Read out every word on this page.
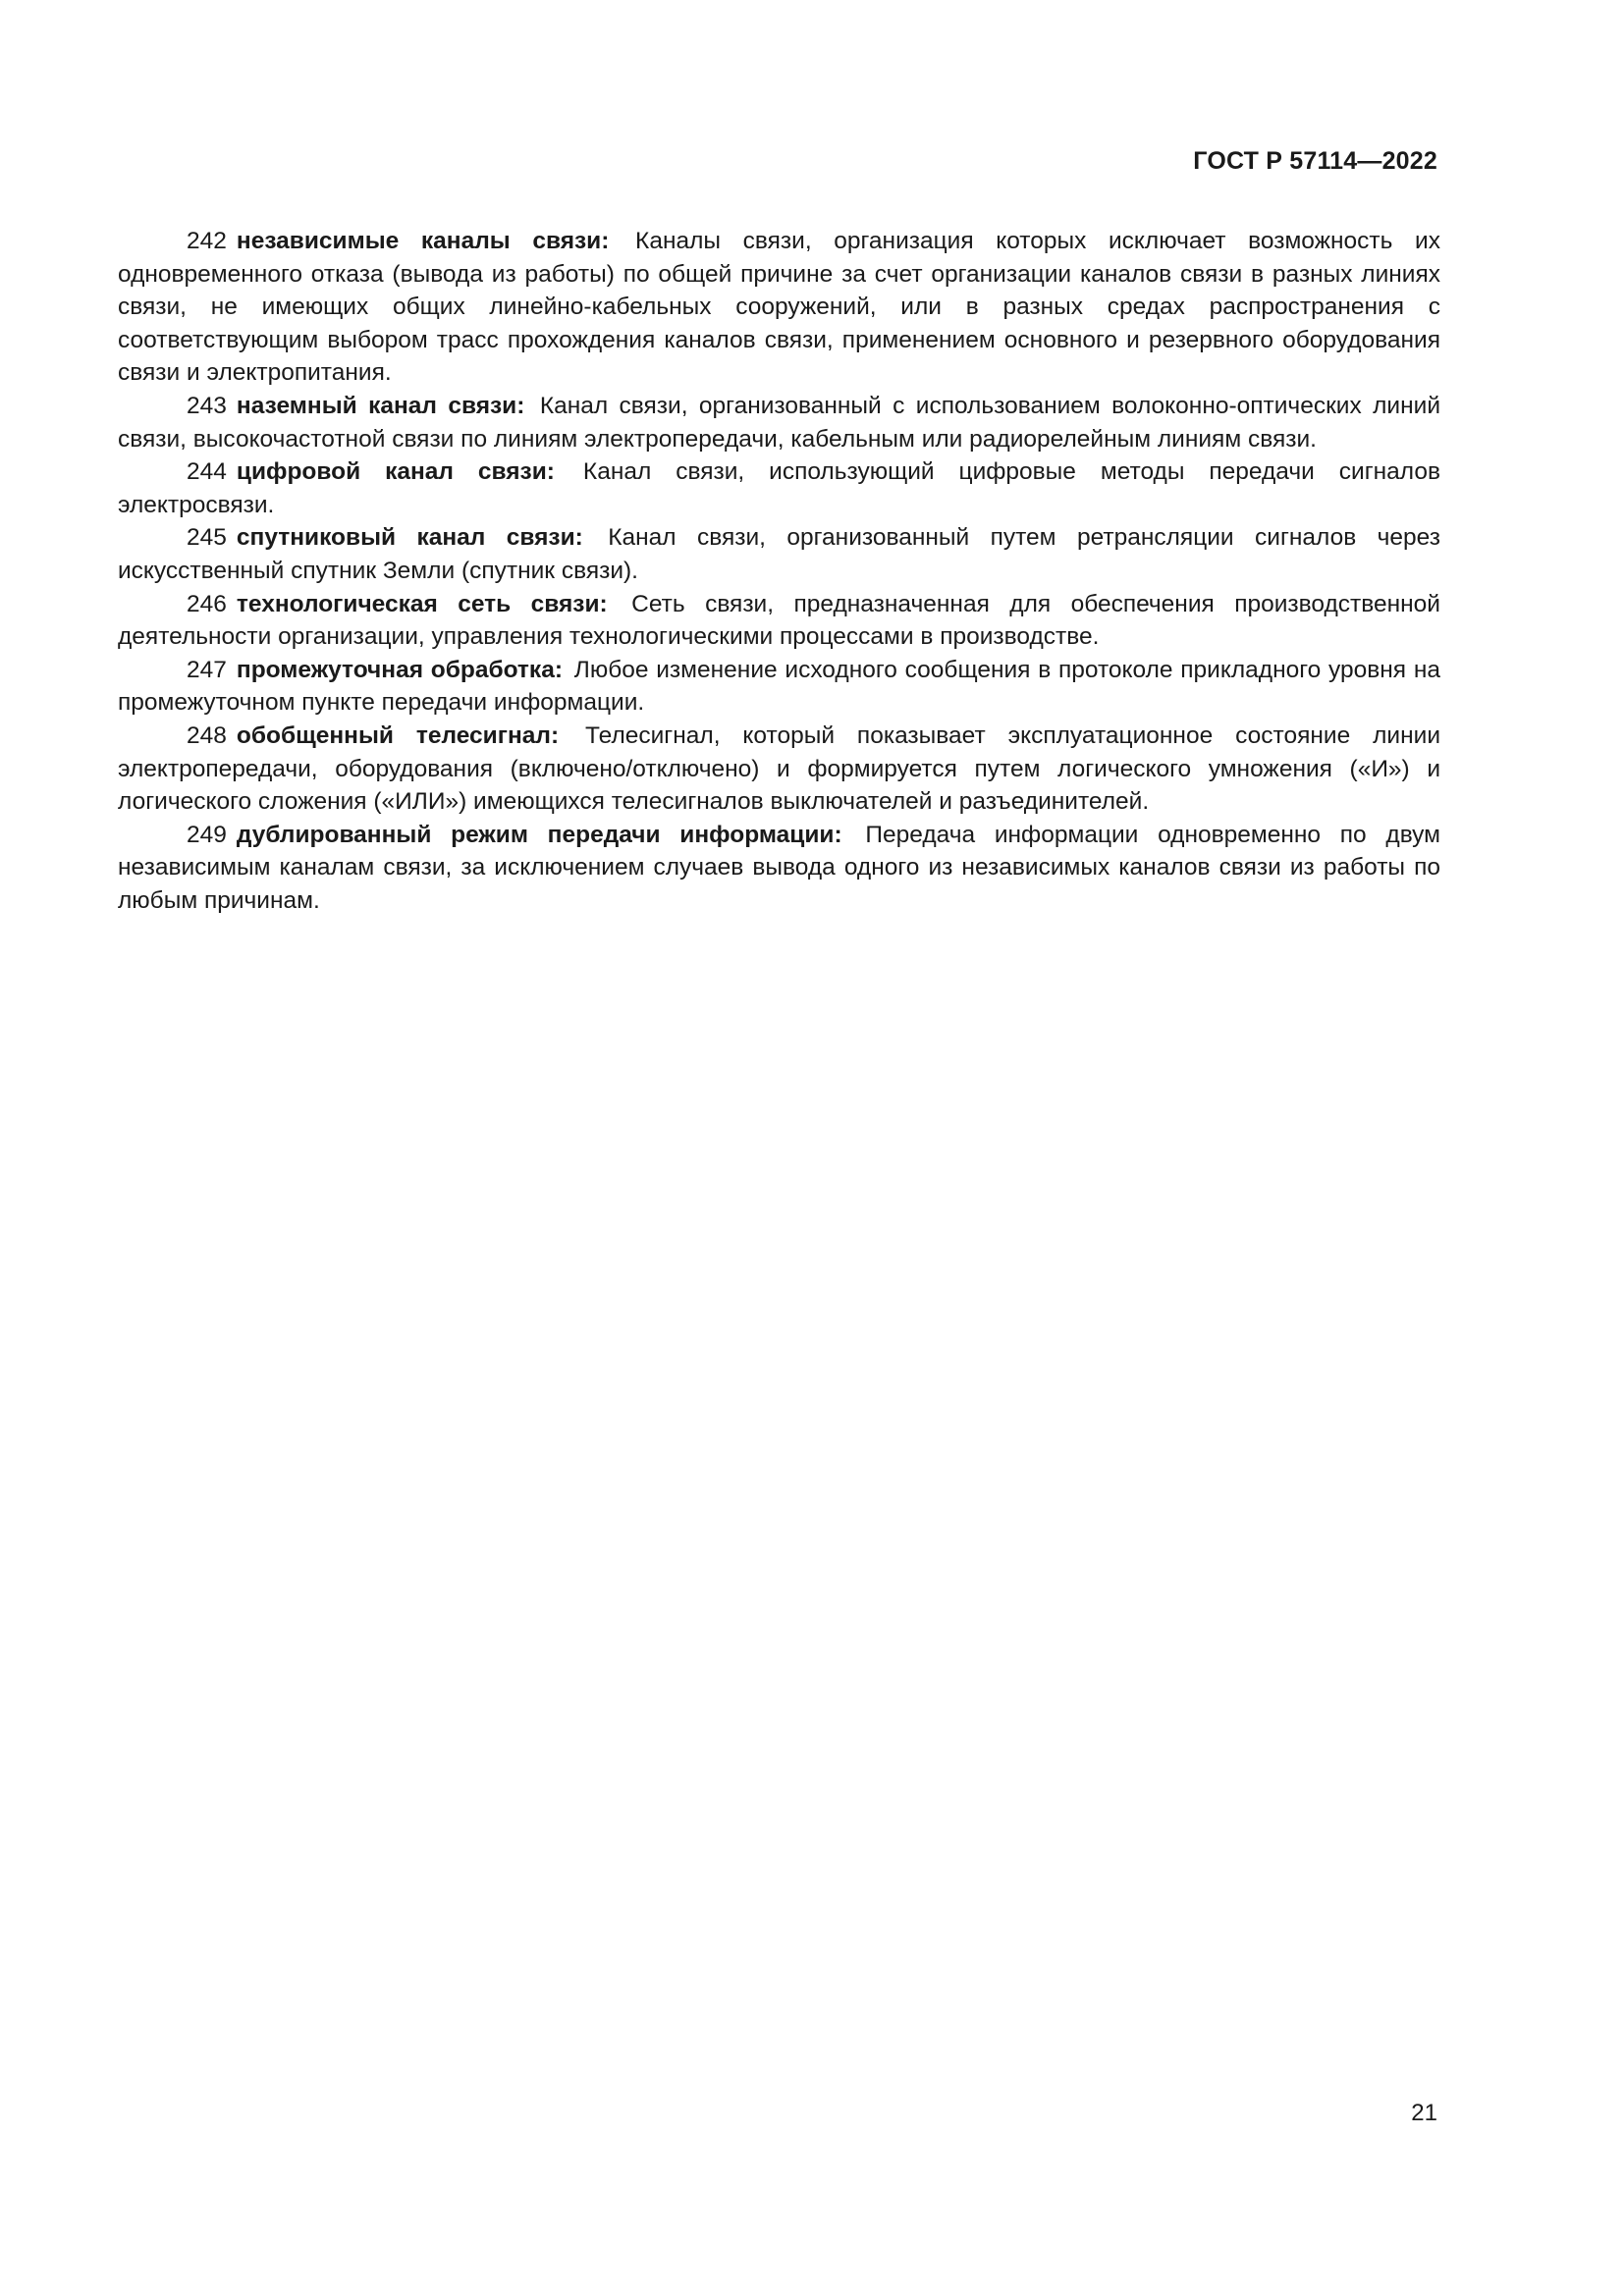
ГОСТ Р 57114—2022

242 независимые каналы связи: Каналы связи, организация которых исключает возможность их одновременного отказа (вывода из работы) по общей причине за счет организации каналов связи в разных линиях связи, не имеющих общих линейно-кабельных сооружений, или в разных средах распространения с соответствующим выбором трасс прохождения каналов связи, применением основного и резервного оборудования связи и электропитания.

243 наземный канал связи: Канал связи, организованный с использованием волоконно-оптических линий связи, высокочастотной связи по линиям электропередачи, кабельным или радиорелейным линиям связи.

244 цифровой канал связи: Канал связи, использующий цифровые методы передачи сигналов электросвязи.

245 спутниковый канал связи: Канал связи, организованный путем ретрансляции сигналов через искусственный спутник Земли (спутник связи).

246 технологическая сеть связи: Сеть связи, предназначенная для обеспечения производственной деятельности организации, управления технологическими процессами в производстве.

247 промежуточная обработка: Любое изменение исходного сообщения в протоколе прикладного уровня на промежуточном пункте передачи информации.

248 обобщенный телесигнал: Телесигнал, который показывает эксплуатационное состояние линии электропередачи, оборудования (включено/отключено) и формируется путем логического умножения («И») и логического сложения («ИЛИ») имеющихся телесигналов выключателей и разъединителей.

249 дублированный режим передачи информации: Передача информации одновременно по двум независимым каналам связи, за исключением случаев вывода одного из независимых каналов связи из работы по любым причинам.

21
